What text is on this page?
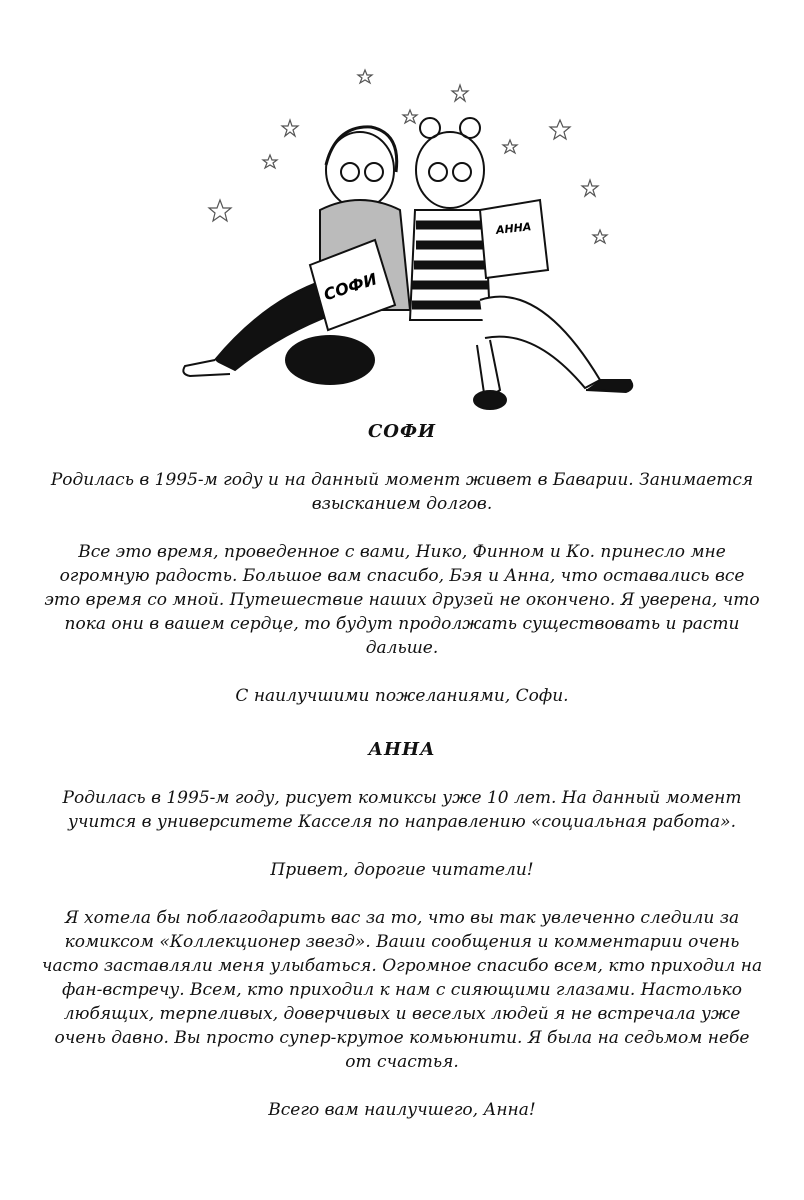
СОФИ
АННА

СОФИ

Родилась в 1995-м году и на данный момент живет в Баварии. Занимается взысканием долгов.

Все это время, проведенное с вами, Нико, Финном и Ко. принесло мне огромную радость. Большое вам спасибо, Бэя и Анна, что оставались все это время со мной. Путешествие наших друзей не окончено. Я уверена, что пока они в вашем сердце, то будут продолжать существовать и расти дальше.

С наилучшими пожеланиями, Софи.

АННА

Родилась в 1995-м году, рисует комиксы уже 10 лет. На данный момент учится в университете Касселя по направлению «социальная работа».

Привет, дорогие читатели!

Я хотела бы поблагодарить вас за то, что вы так увлеченно следили за комиксом «Коллекционер звезд». Ваши сообщения и комментарии очень часто заставляли меня улыбаться. Огромное спасибо всем, кто приходил на фан-встречу. Всем, кто приходил к нам с сияющими глазами. Настолько любящих, терпеливых, доверчивых и веселых людей я не встречала уже очень давно. Вы просто супер-крутое комьюнити. Я была на седьмом небе от счастья.

Всего вам наилучшего, Анна!
